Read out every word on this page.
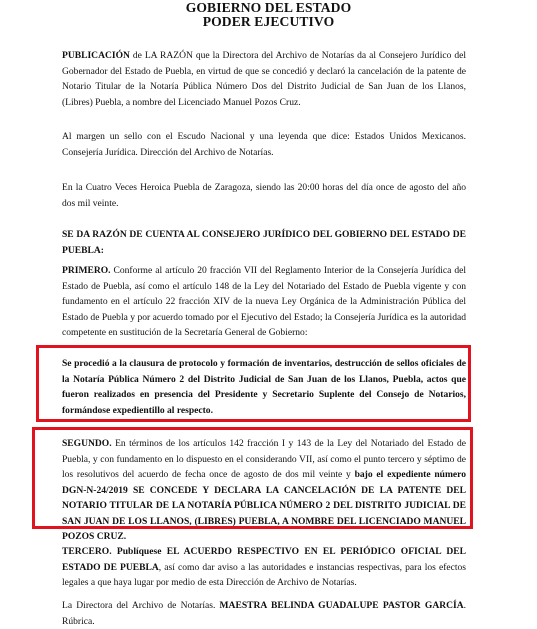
GOBIERNO DEL ESTADO
PODER EJECUTIVO

PUBLICACIÓN de LA RAZÓN que la Directora del Archivo de Notarías da al Consejero Jurídico del Gobernador del Estado de Puebla, en virtud de que se concedió y declaró la cancelación de la patente de Notario Titular de la Notaría Pública Número Dos del Distrito Judicial de San Juan de los Llanos, (Libres) Puebla, a nombre del Licenciado Manuel Pozos Cruz.

Al margen un sello con el Escudo Nacional y una leyenda que dice: Estados Unidos Mexicanos. Consejería Jurídica. Dirección del Archivo de Notarías.

En la Cuatro Veces Heroica Puebla de Zaragoza, siendo las 20:00 horas del día once de agosto del año dos mil veinte.

SE DA RAZÓN DE CUENTA AL CONSEJERO JURÍDICO DEL GOBIERNO DEL ESTADO DE PUEBLA:

PRIMERO. Conforme al artículo 20 fracción VII del Reglamento Interior de la Consejería Jurídica del Estado de Puebla, así como el artículo 148 de la Ley del Notariado del Estado de Puebla vigente y con fundamento en el artículo 22 fracción XIV de la nueva Ley Orgánica de la Administración Pública del Estado de Puebla y por acuerdo tomado por el Ejecutivo del Estado; la Consejería Jurídica es la autoridad competente en sustitución de la Secretaría General de Gobierno:

Se procedió a la clausura de protocolo y formación de inventarios, destrucción de sellos oficiales de la Notaría Pública Número 2 del Distrito Judicial de San Juan de los Llanos, Puebla, actos que fueron realizados en presencia del Presidente y Secretario Suplente del Consejo de Notarios, formándose expedientillo al respecto.

SEGUNDO. En términos de los artículos 142 fracción I y 143 de la Ley del Notariado del Estado de Puebla, y con fundamento en lo dispuesto en el considerando VII, así como el punto tercero y séptimo de los resolutivos del acuerdo de fecha once de agosto de dos mil veinte y bajo el expediente número DGN-N-24/2019 SE CONCEDE Y DECLARA LA CANCELACIÓN DE LA PATENTE DEL NOTARIO TITULAR DE LA NOTARÍA PÚBLICA NÚMERO 2 DEL DISTRITO JUDICIAL DE SAN JUAN DE LOS LLANOS, (LIBRES) PUEBLA, A NOMBRE DEL LICENCIADO MANUEL POZOS CRUZ.

TERCERO. Publíquese EL ACUERDO RESPECTIVO EN EL PERIÓDICO OFICIAL DEL ESTADO DE PUEBLA, así como dar aviso a las autoridades e instancias respectivas, para los efectos legales a que haya lugar por medio de esta Dirección de Archivo de Notarías.

La Directora del Archivo de Notarías. MAESTRA BELINDA GUADALUPE PASTOR GARCÍA. Rúbrica.
